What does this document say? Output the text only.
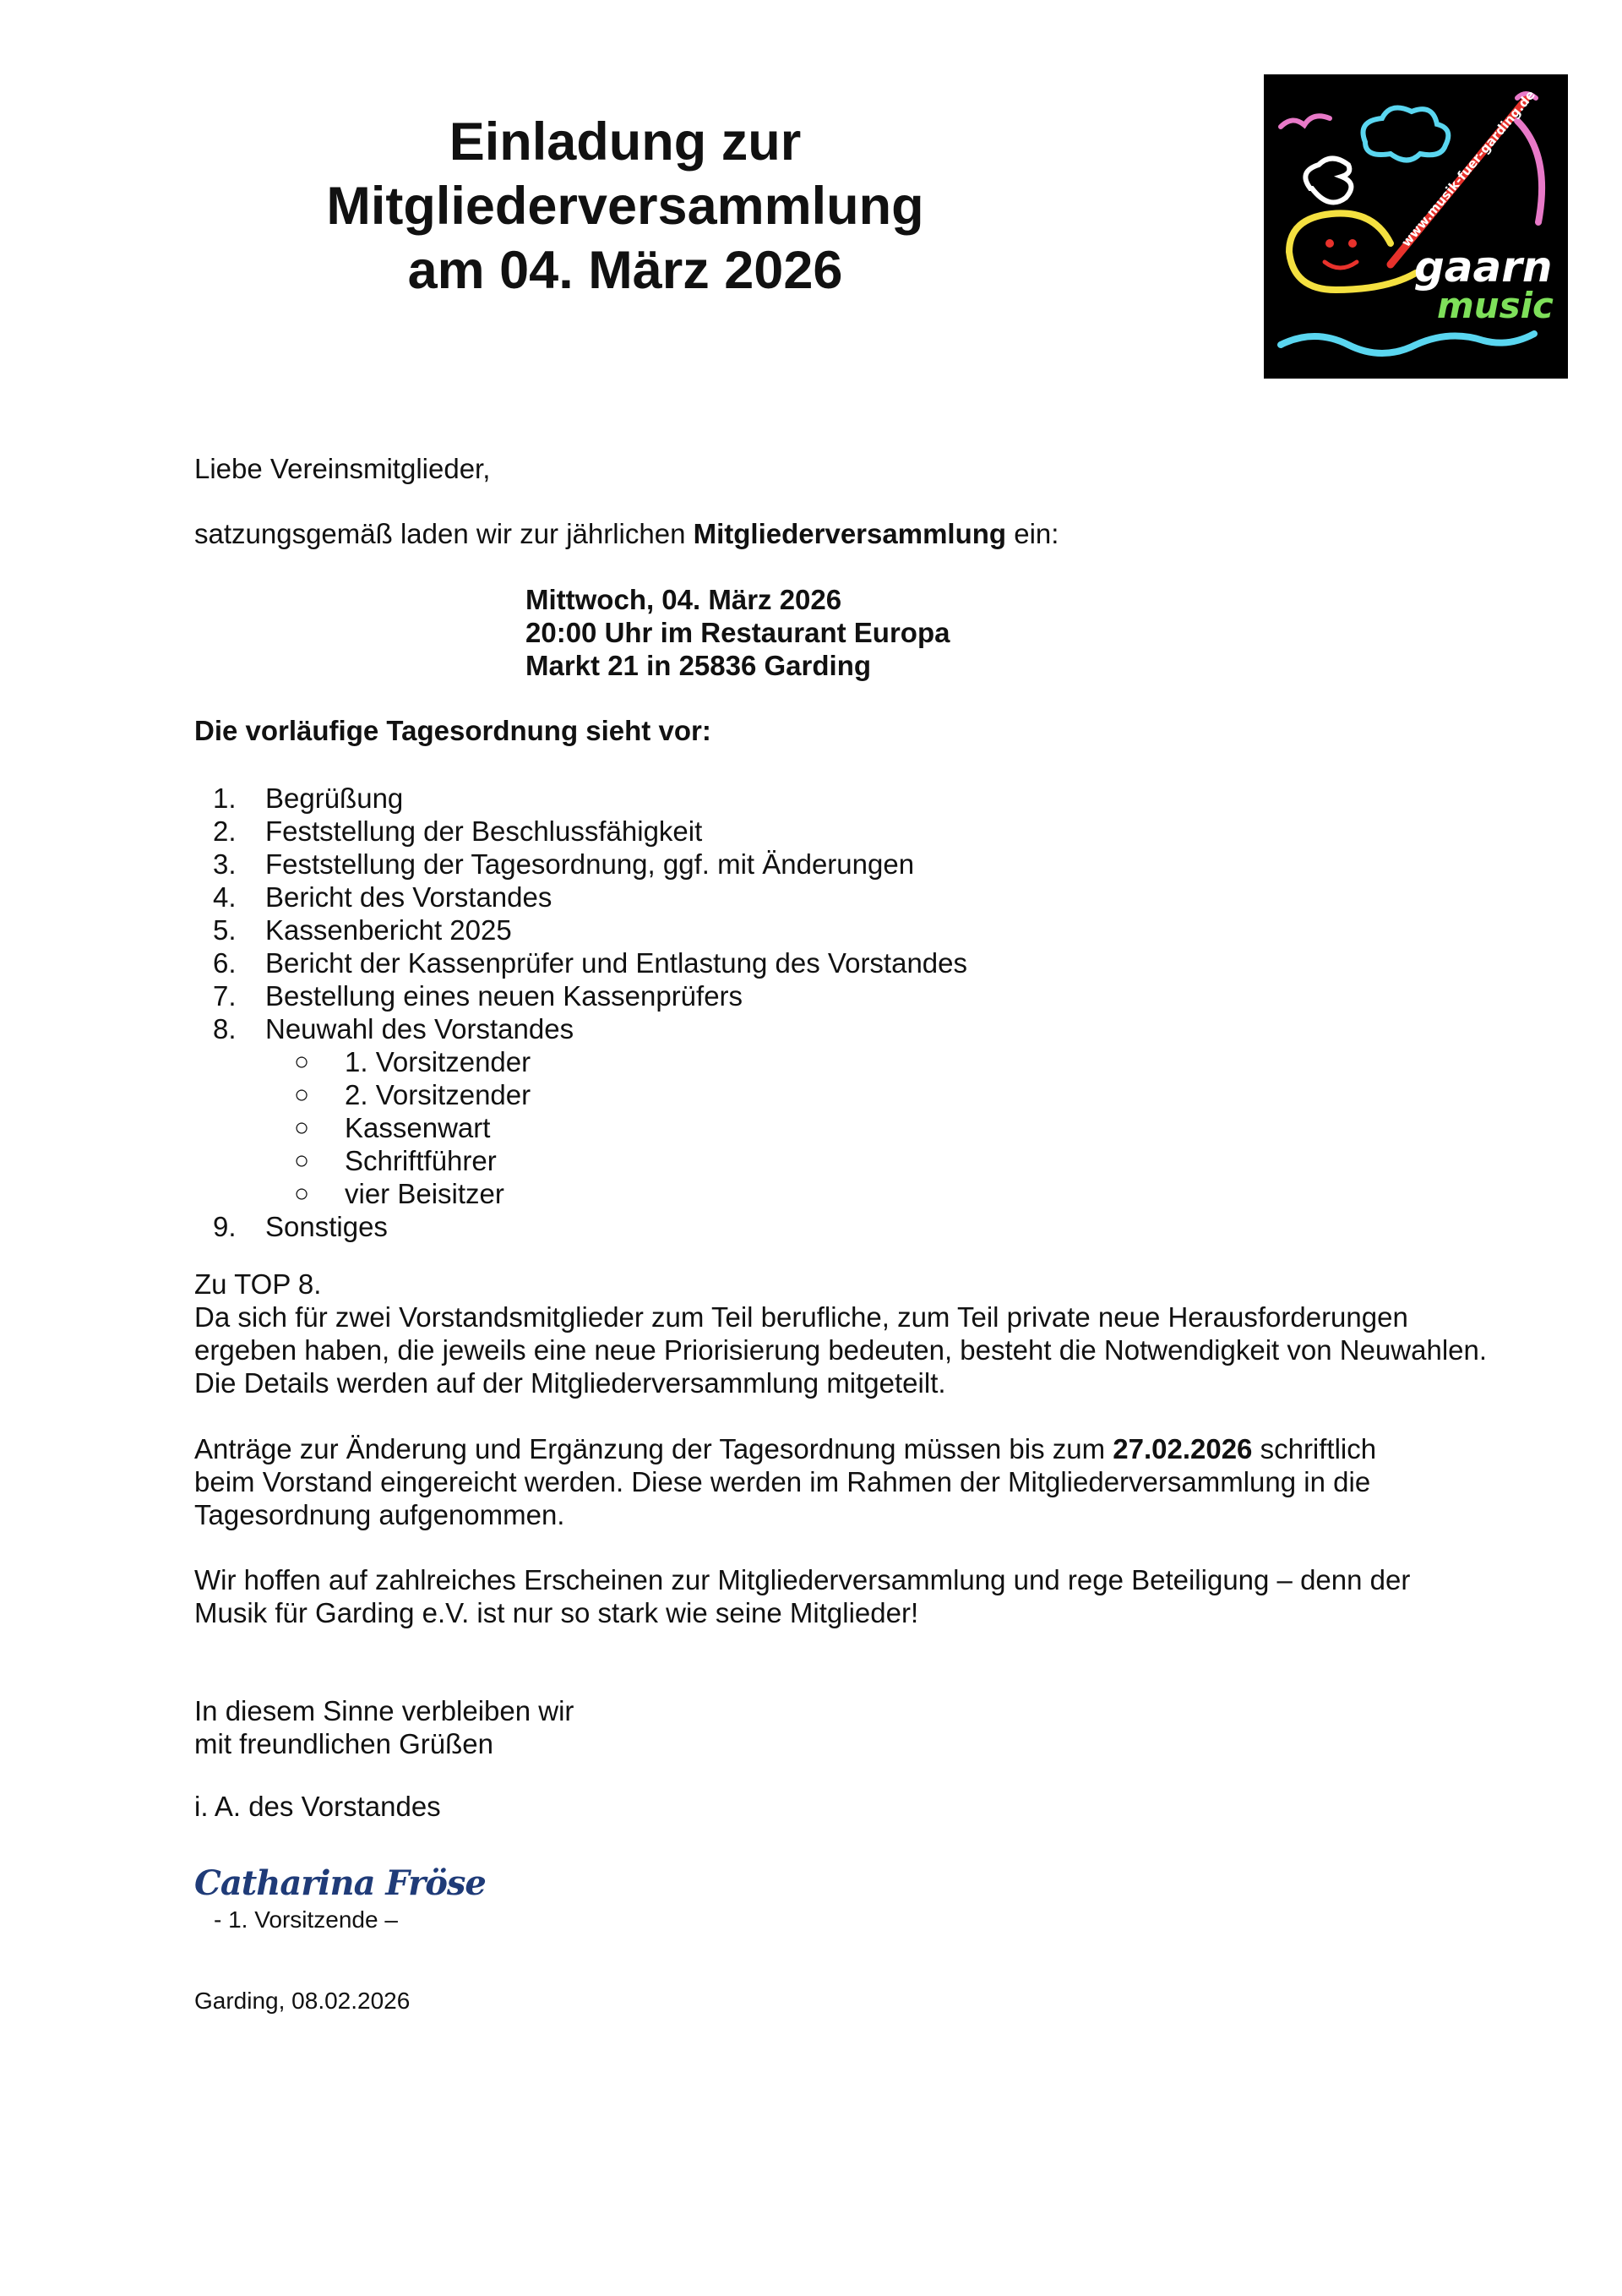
Einladung zur
Mitgliederversammlung
am 04. März 2026
www.musik-fuer-garding.de
gaarn
music
Liebe Vereinsmitglieder,
satzungsgemäß laden wir zur jährlichen Mitgliederversammlung ein:
Mittwoch, 04. März 2026
20:00 Uhr im Restaurant Europa
Markt 21 in 25836 Garding
Die vorläufige Tagesordnung sieht vor:
1.	Begrüßung
2.	Feststellung der Beschlussfähigkeit
3.	Feststellung der Tagesordnung, ggf. mit Änderungen
4.	Bericht des Vorstandes
5.	Kassenbericht 2025
6.	Bericht der Kassenprüfer und Entlastung des Vorstandes
7.	Bestellung eines neuen Kassenprüfers
8.	Neuwahl des Vorstandes
○ 1. Vorsitzender
○ 2. Vorsitzender
○ Kassenwart
○ Schriftführer
○ vier Beisitzer
9.	Sonstiges
Zu TOP 8.
Da sich für zwei Vorstandsmitglieder zum Teil berufliche, zum Teil private neue Herausforderungen
ergeben haben, die jeweils eine neue Priorisierung bedeuten, besteht die Notwendigkeit von Neuwahlen.
Die Details werden auf der Mitgliederversammlung mitgeteilt.
Anträge zur Änderung und Ergänzung der Tagesordnung müssen bis zum 27.02.2026 schriftlich
beim Vorstand eingereicht werden. Diese werden im Rahmen der Mitgliederversammlung in die
Tagesordnung aufgenommen.
Wir hoffen auf zahlreiches Erscheinen zur Mitgliederversammlung und rege Beteiligung – denn der
Musik für Garding e.V. ist nur so stark wie seine Mitglieder!
In diesem Sinne verbleiben wir
mit freundlichen Grüßen
i. A. des Vorstandes
Catharina Fröse
- 1. Vorsitzende –
Garding, 08.02.2026
